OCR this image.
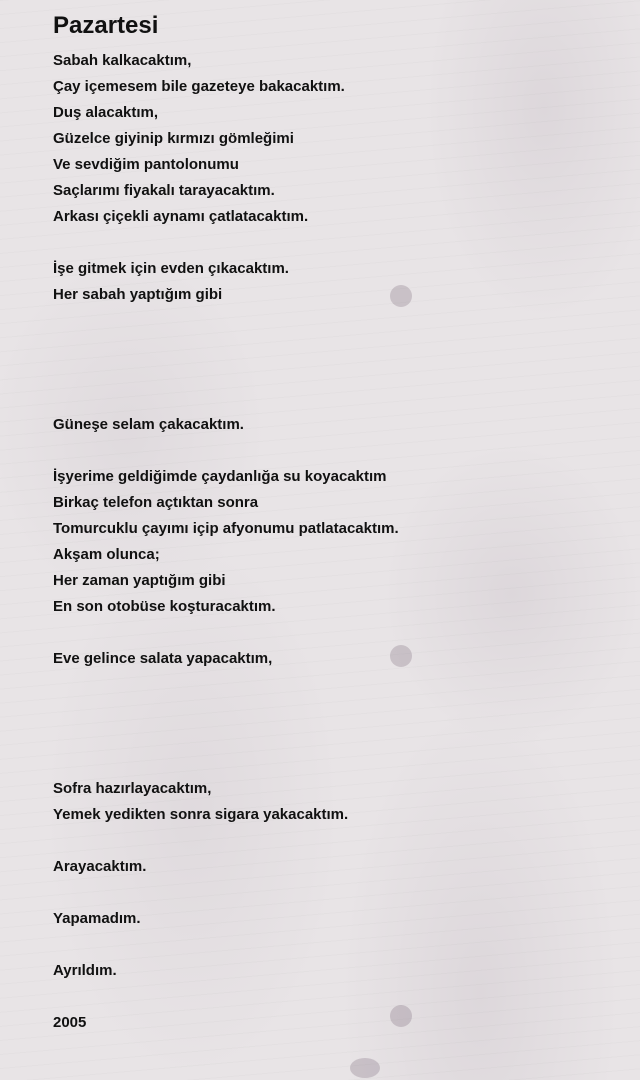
Pazartesi
Sabah kalkacaktım,
Çay içemesem bile gazeteye bakacaktım.
Duş alacaktım,
Güzelce giyinip kırmızı gömleğimi
Ve sevdiğim pantolonumu
Saçlarımı fiyakalı tarayacaktım.
Arkası çiçekli aynamı çatlatacaktım.
İşe gitmek için evden çıkacaktım.
Her sabah yaptığım gibi
Güneşe selam çakacaktım.
İşyerime geldiğimde çaydanlığa su koyacaktım
Birkaç telefon açtıktan sonra
Tomurcuklu çayımı içip afyonumu patlatacaktım.
Akşam olunca;
Her zaman yaptığım gibi
En son otobüse koşturacaktım.
Eve gelince salata yapacaktım,
Sofra hazırlayacaktım,
Yemek yedikten sonra sigara yakacaktım.
Arayacaktım.
Yapamadım.
Ayrıldım.
2005
